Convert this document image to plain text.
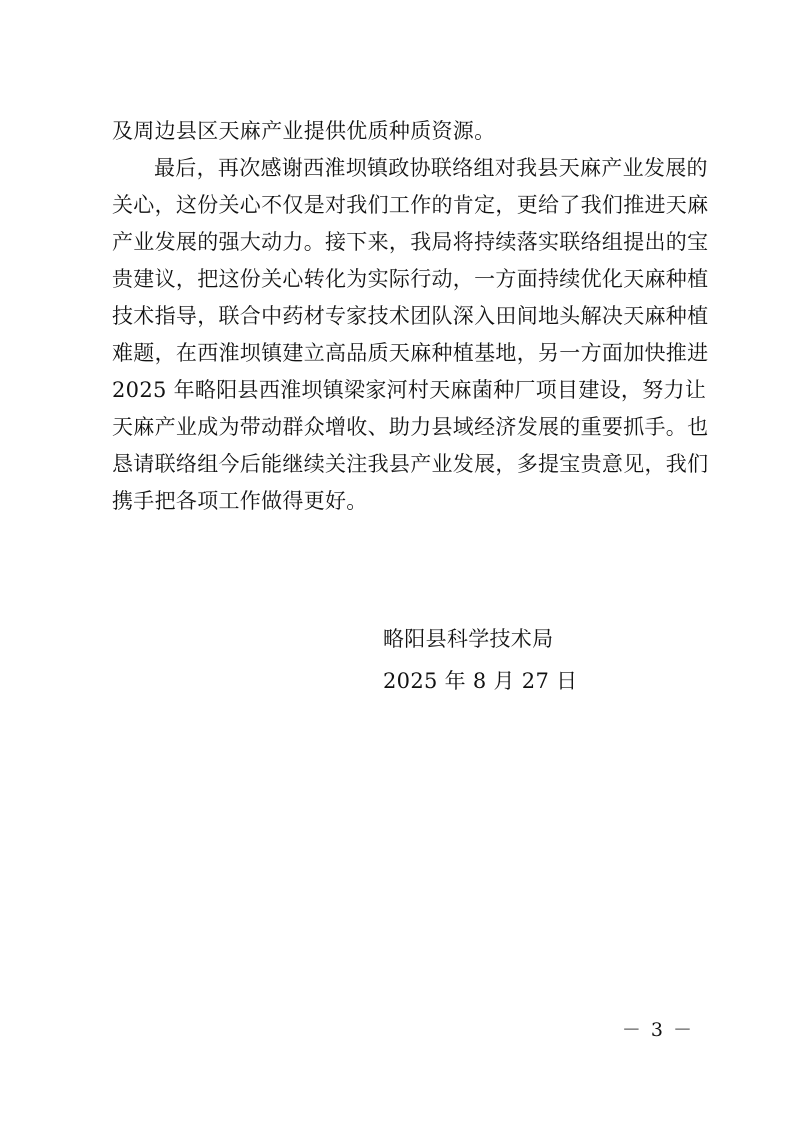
及周边县区天麻产业提供优质种质资源。
最后，再次感谢西淮坝镇政协联络组对我县天麻产业发展的
关心，这份关心不仅是对我们工作的肯定，更给了我们推进天麻
产业发展的强大动力。接下来，我局将持续落实联络组提出的宝
贵建议，把这份关心转化为实际行动，一方面持续优化天麻种植
技术指导，联合中药材专家技术团队深入田间地头解决天麻种植
难题，在西淮坝镇建立高品质天麻种植基地，另一方面加快推进
2025 年略阳县西淮坝镇梁家河村天麻菌种厂项目建设，努力让
天麻产业成为带动群众增收、助力县域经济发展的重要抓手。也
恳请联络组今后能继续关注我县产业发展，多提宝贵意见，我们
携手把各项工作做得更好。
略阳县科学技术局
2025 年 8 月 27 日
－ 3 －
